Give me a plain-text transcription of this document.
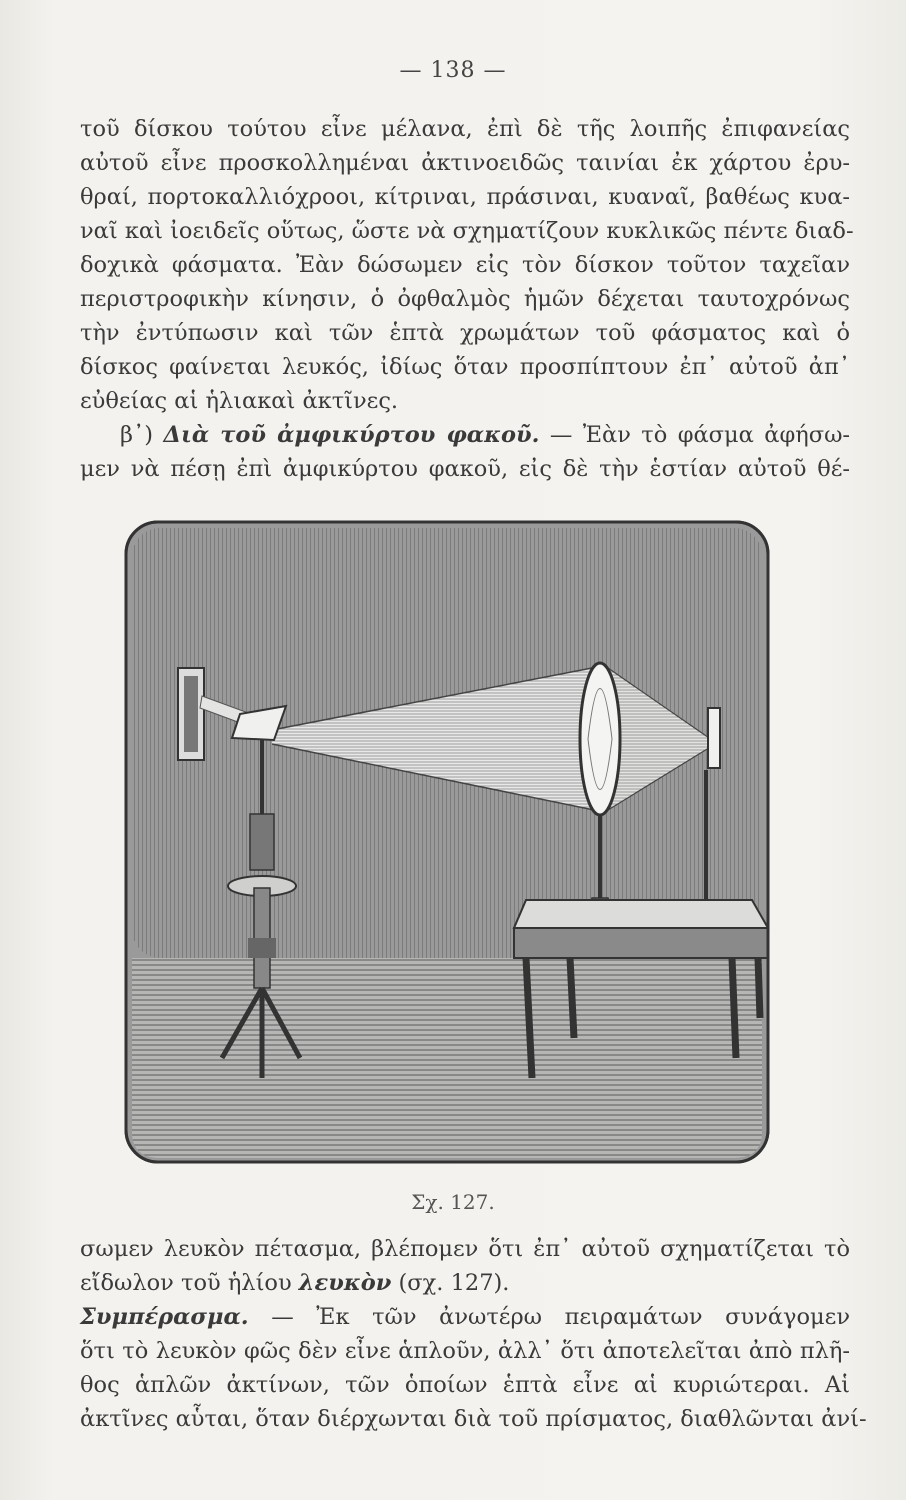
— 138 —
τοῦ δίσκου τούτου εἶνε μέλανα, ἐπὶ δὲ τῆς λοιπῆς ἐπιφανείας
αὐτοῦ εἶνε προσκολλημέναι ἀκτινοειδῶς ταινίαι ἐκ χάρτου ἐρυ-
θραί, πορτοκαλλιόχροοι, κίτριναι, πράσιναι, κυαναῖ, βαθέως κυα-
ναῖ καὶ ἰοειδεῖς οὕτως, ὥστε νὰ σχηματίζουν κυκλικῶς πέντε διαδ-
δοχικὰ φάσματα. Ἐὰν δώσωμεν εἰς τὸν δίσκον τοῦτον ταχεῖαν
περιστροφικὴν κίνησιν, ὁ ὀφθαλμὸς ἡμῶν δέχεται ταυτοχρόνως
τὴν ἐντύπωσιν καὶ τῶν ἑπτὰ χρωμάτων τοῦ φάσματος καὶ ὁ
δίσκος φαίνεται λευκός, ἰδίως ὅταν προσπίπτουν ἐπ᾽ αὐτοῦ ἀπ᾽
εὐθείας αἱ ἡλιακαὶ ἀκτῖνες.
β᾽) Διὰ τοῦ ἀμφικύρτου φακοῦ. — Ἐὰν τὸ φάσμα ἀφήσω-
μεν νὰ πέσῃ ἐπὶ ἀμφικύρτου φακοῦ, εἰς δὲ τὴν ἑστίαν αὐτοῦ θέ-
Σχ. 127.
σωμεν λευκὸν πέτασμα, βλέπομεν ὅτι ἐπ᾽ αὐτοῦ σχηματίζεται τὸ
εἴδωλον τοῦ ἡλίου λευκὸν (σχ. 127).
Συμπέρασμα. — Ἐκ τῶν ἀνωτέρω πειραμάτων συνάγομεν
ὅτι τὸ λευκὸν φῶς δὲν εἶνε ἁπλοῦν, ἀλλ᾽ ὅτι ἀποτελεῖται ἀπὸ πλῆ-
θος ἁπλῶν ἀκτίνων, τῶν ὁποίων ἑπτὰ εἶνε αἱ κυριώτεραι. Αἱ
ἀκτῖνες αὗται, ὅταν διέρχωνται διὰ τοῦ πρίσματος, διαθλῶνται ἀνί-
